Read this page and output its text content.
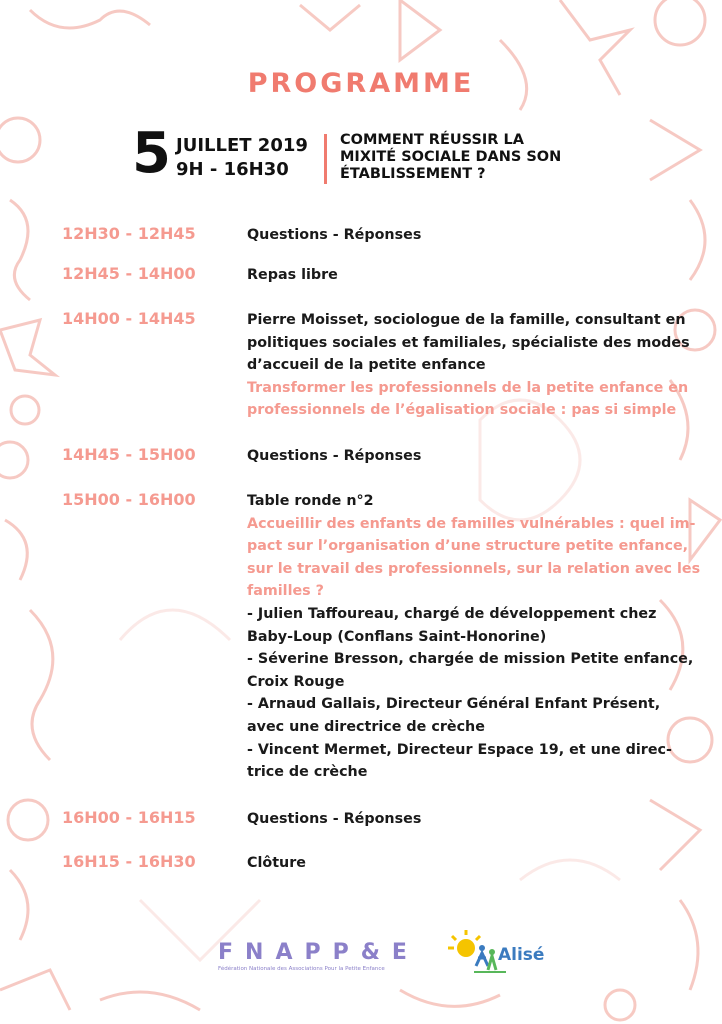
PROGRAMME
5 JUILLET 2019
9H - 16H30
COMMENT RÉUSSIR LA
MIXITÉ SOCIALE DANS SON
ÉTABLISSEMENT ?
12H30 - 12H45	Questions - Réponses
12H45 - 14H00	Repas libre
14H00 - 14H45	Pierre Moisset, sociologue de la famille, consultant en
politiques sociales et familiales, spécialiste des modes
d’accueil de la petite enfance
Transformer les professionnels de la petite enfance en
professionnels de l’égalisation sociale : pas si simple
14H45 - 15H00	Questions - Réponses
15H00 - 16H00	Table ronde n°2
Accueillir des enfants de familles vulnérables : quel im-
pact sur l’organisation d’une structure petite enfance,
sur le travail des professionnels, sur la relation avec les
familles ?
- Julien Taffoureau, chargé de développement chez
Baby-Loup (Conflans Saint-Honorine)
- Séverine Bresson, chargée de mission Petite enfance,
Croix Rouge
- Arnaud Gallais, Directeur Général Enfant Présent,
avec une directrice de crèche
- Vincent Mermet, Directeur Espace 19, et une direc-
trice de crèche
16H00 - 16H15	Questions - Réponses
16H15 - 16H30	Clôture
FNAPP&E
Fédération Nationale des Associations Pour la Petite Enfance
Alisé
